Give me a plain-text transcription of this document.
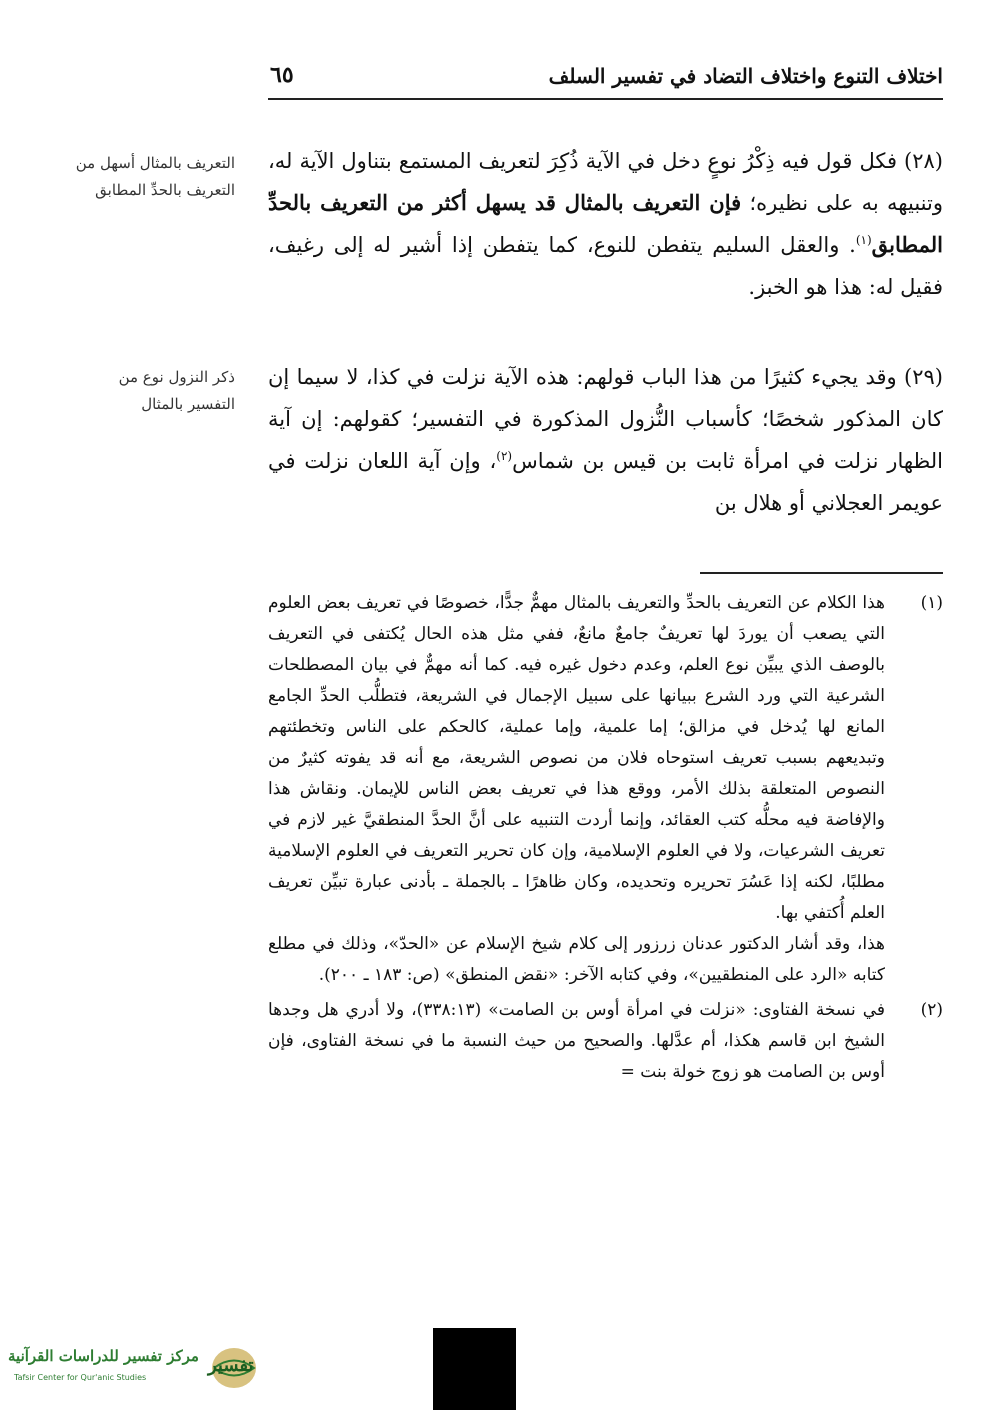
اختلاف التنوع واختلاف التضاد في تفسير السلف
٦٥
التعريف بالمثال أسهل من التعريف بالحدِّ المطابق
ذكر النزول نوع من التفسير بالمثال

(٢٨) فكل قول فيه ذِكْرُ نوعٍ دخل في الآية ذُكِرَ لتعريف المستمع بتناول الآية له، وتنبيهه به على نظيره؛ فإن التعريف بالمثال قد يسهل أكثر من التعريف بالحدِّ المطابق$^{(١)}$. والعقل السليم يتفطن للنوع، كما يتفطن إذا أشير له إلى رغيف، فقيل له: هذا هو الخبز.

(٢٩) وقد يجيء كثيرًا من هذا الباب قولهم: هذه الآية نزلت في كذا، لا سيما إن كان المذكور شخصًا؛ كأسباب النُّزول المذكورة في التفسير؛ كقولهم: إن آية الظهار نزلت في امرأة ثابت بن قيس بن شماس$^{(٢)}$، وإن آية اللعان نزلت في عويمر العجلاني أو هلال بن

(١)
هذا الكلام عن التعريف بالحدِّ والتعريف بالمثال مهمٌّ جدًّا، خصوصًا في تعريف بعض العلوم التي يصعب أن يوردَ لها تعريفٌ جامعٌ مانعٌ، ففي مثل هذه الحال يُكتفى في التعريف بالوصف الذي يبيِّن نوع العلم، وعدم دخول غيره فيه. كما أنه مهمٌّ في بيان المصطلحات الشرعية التي ورد الشرع ببيانها على سبيل الإجمال في الشريعة، فتطلُّب الحدِّ الجامع المانع لها يُدخل في مزالق؛ إما علمية، وإما عملية، كالحكم على الناس وتخطئتهم وتبديعهم بسبب تعريف استوحاه فلان من نصوص الشريعة، مع أنه قد يفوته كثيرٌ من النصوص المتعلقة بذلك الأمر، ووقع هذا في تعريف بعض الناس للإيمان. ونقاش هذا والإفاضة فيه محلُّه كتب العقائد، وإنما أردت التنبيه على أنَّ الحدَّ المنطقيَّ غير لازم في تعريف الشرعيات، ولا في العلوم الإسلامية، وإن كان تحرير التعريف في العلوم الإسلامية مطلبًا، لكنه إذا عَسُرَ تحريره وتحديده، وكان ظاهرًا ـ بالجملة ـ بأدنى عبارة تبيِّن تعريف العلم أُكتفي بها.

هذا، وقد أشار الدكتور عدنان زرزور إلى كلام شيخ الإسلام عن «الحدّ»، وذلك في مطلع كتابه «الرد على المنطقيين»، وفي كتابه الآخر: «نقض المنطق» (ص: ١٨٣ ـ ٢٠٠).

(٢)
في نسخة الفتاوى: «نزلت في امرأة أوس بن الصامت» (٣٣٨:١٣)، ولا أدري هل وجدها الشيخ ابن قاسم هكذا، أم عدَّلها. والصحيح من حيث النسبة ما في نسخة الفتاوى، فإن أوس بن الصامت هو زوج خولة بنت =
مركز تفسير للدراسات القرآنية
Tafsir Center for Qur'anic Studies
تفسير
